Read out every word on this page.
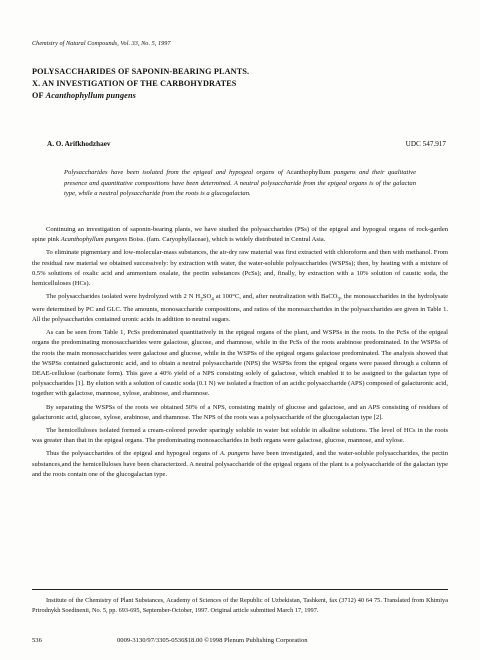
Chemistry of Natural Compounds, Vol. 33, No. 5, 1997
POLYSACCHARIDES OF SAPONIN-BEARING PLANTS.
X. AN INVESTIGATION OF THE CARBOHYDRATES
OF Acanthophyllum pungens
A. O. Arifkhodzhaev	UDC 547.917

Polysaccharides have been isolated from the epigeal and hypogeal organs of Acanthophyllum pungens and their qualitative presence and quantitative compositions have been determined. A neutral polysaccharide from the epigeal organs is of the galactan type, while a neutral polysaccharide from the roots is a glucogalactan.

Continuing an investigation of saponin-bearing plants, we have studied the polysaccharides (PSs) of the epigeal and hypogeal organs of rock-garden spine pink Acanthophyllum pungens Boiss. (fam. Caryophyllaceae), which is widely distributed in Central Asia.

To eliminate pigmentary and low-molecular-mass substances, the air-dry raw material was first extracted with chloroform and then with methanol. From the residual raw material we obtained successively: by extraction with water, the water-soluble polysaccharides (WSPSs); then, by heating with a mixture of 0.5% solutions of oxalic acid and ammonium oxalate, the pectin substances (PcSs); and, finally, by extraction with a 10% solution of caustic soda, the hemicelluloses (HCs).

The polysaccharides isolated were hydrolyzed with 2 N $H_2SO_4$ at 100°C, and, after neutralization with BaCO$_3$, the monosaccharides in the hydrolysate were determined by PC and GLC. The amounts, monosaccharide compositions, and ratios of the monosaccharides in the polysaccharides are given in Table 1. All the polysaccharides contained uronic acids in addition to neutral sugars.

As can be seen from Table 1, PcSs predominated quantitatively in the epigeal organs of the plant, and WSPSs in the roots. In the PcSs of the epigeal organs the predominating monosaccharides were galactose, glucose, and rhamnose, while in the PcSs of the roots arabinose predominated. In the WSPSs of the roots the main monosaccharides were galactose and glucose, while in the WSPSs of the epigeal organs galactose predominated. The analysis showed that the WSPSs contained galacturonic acid, and to obtain a neutral polysaccharide (NPS) the WSPSs from the epigeal organs were passed through a column of DEAE-cellulose (carbonate form). This gave a 40% yield of a NPS consisting solely of galactose, which enabled it to be assigned to the galactan type of polysaccharides [1]. By elution with a solution of caustic soda (0.1 N) we isolated a fraction of an acidic polysaccharide (APS) composed of galacturonic acid, together with galactose, mannose, xylose, arabinose, and rhamnose.

By separating the WSPSs of the roots we obtained 50% of a NPS, consisting mainly of glucose and galactose, and an APS consisting of residues of galacturonic acid, glucose, xylose, arabinose, and rhamnose. The NPS of the roots was a polysaccharide of the glucogalactan type [2].

The hemicelluloses isolated formed a cream-colored powder sparingly soluble in water but soluble in alkaline solutions. The level of HCs in the roots was greater than that in the epigeal organs. The predominating monosaccharides in both organs were galactose, glucose, mannose, and xylose.

Thus the polysaccharides of the epigeal and hypogeal organs of A. pungens have been investigated, and the water-soluble polysaccharides, the pectin substances,and the hemicelluloses have been characterized. A neutral polysaccharide of the epigeal organs of the plant is a polysaccharide of the galactan type and the roots contain one of the glucogalactan type.

Institute of the Chemistry of Plant Substances, Academy of Sciences of the Republic of Uzbekistan, Tashkent, fax (3712) 40 64 75. Translated from Khimiya Prirodnykh Soedinenii, No. 5, pp. 693-695, September-October, 1997. Original article submitted March 17, 1997.

536	0009-3130/97/3305-0536$18.00 ©1998 Plenum Publishing Corporation
